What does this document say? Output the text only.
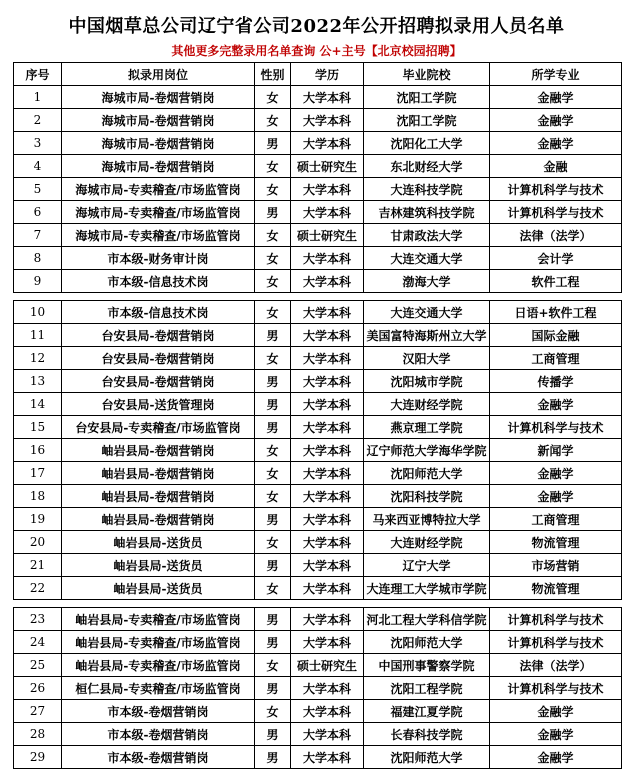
中国烟草总公司辽宁省公司2022年公开招聘拟录用人员名单
其他更多完整录用名单查询 公+主号【北京校园招聘】
序号	拟录用岗位	性别	学历	毕业院校	所学专业
1	海城市局-卷烟营销岗	女	大学本科	沈阳工学院	金融学
2	海城市局-卷烟营销岗	女	大学本科	沈阳工学院	金融学
3	海城市局-卷烟营销岗	男	大学本科	沈阳化工大学	金融学
4	海城市局-卷烟营销岗	女	硕士研究生	东北财经大学	金融
5	海城市局-专卖稽查/市场监管岗	女	大学本科	大连科技学院	计算机科学与技术
6	海城市局-专卖稽查/市场监管岗	男	大学本科	吉林建筑科技学院	计算机科学与技术
7	海城市局-专卖稽查/市场监管岗	女	硕士研究生	甘肃政法大学	法律（法学）
8	市本级-财务审计岗	女	大学本科	大连交通大学	会计学
9	市本级-信息技术岗	女	大学本科	渤海大学	软件工程

10	市本级-信息技术岗	女	大学本科	大连交通大学	日语+软件工程
11	台安县局-卷烟营销岗	男	大学本科	美国富特海斯州立大学	国际金融
12	台安县局-卷烟营销岗	女	大学本科	汉阳大学	工商管理
13	台安县局-卷烟营销岗	男	大学本科	沈阳城市学院	传播学
14	台安县局-送货管理岗	男	大学本科	大连财经学院	金融学
15	台安县局-专卖稽查/市场监管岗	男	大学本科	燕京理工学院	计算机科学与技术
16	岫岩县局-卷烟营销岗	女	大学本科	辽宁师范大学海华学院	新闻学
17	岫岩县局-卷烟营销岗	女	大学本科	沈阳师范大学	金融学
18	岫岩县局-卷烟营销岗	女	大学本科	沈阳科技学院	金融学
19	岫岩县局-卷烟营销岗	男	大学本科	马来西亚博特拉大学	工商管理
20	岫岩县局-送货员	女	大学本科	大连财经学院	物流管理
21	岫岩县局-送货员	男	大学本科	辽宁大学	市场营销
22	岫岩县局-送货员	女	大学本科	大连理工大学城市学院	物流管理

23	岫岩县局-专卖稽查/市场监管岗	男	大学本科	河北工程大学科信学院	计算机科学与技术
24	岫岩县局-专卖稽查/市场监管岗	男	大学本科	沈阳师范大学	计算机科学与技术
25	岫岩县局-专卖稽查/市场监管岗	女	硕士研究生	中国刑事警察学院	法律（法学）
26	桓仁县局-专卖稽查/市场监管岗	男	大学本科	沈阳工程学院	计算机科学与技术
27	市本级-卷烟营销岗	女	大学本科	福建江夏学院	金融学
28	市本级-卷烟营销岗	男	大学本科	长春科技学院	金融学
29	市本级-卷烟营销岗	男	大学本科	沈阳师范大学	金融学
